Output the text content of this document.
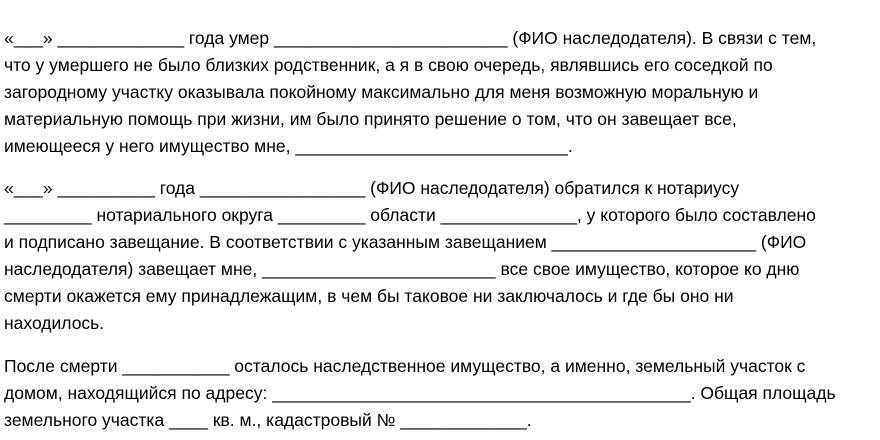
«___» _____________ года умер ________________________ (ФИО наследодателя). В связи с тем,
что у умершего не было близких родственник, а я в свою очередь, являвшись его соседкой по
загородному участку оказывала покойному максимально для меня возможную моральную и
материальную помощь при жизни, им было принято решение о том, что он завещает все,
имеющееся у него имущество мне, ____________________________.
«___» __________ года _________________ (ФИО наследодателя) обратился к нотариусу
_________ нотариального округа _________ области ______________, у которого было составлено
и подписано завещание. В соответствии с указанным завещанием _____________________ (ФИО
наследодателя) завещает мне, ________________________ все свое имущество, которое ко дню
смерти окажется ему принадлежащим, в чем бы таковое ни заключалось и где бы оно ни
находилось.
После смерти ___________ осталось наследственное имущество, а именно, земельный участок с
домом, находящийся по адресу: ___________________________________________. Общая площадь
земельного участка ____ кв. м., кадастровый № _____________.
